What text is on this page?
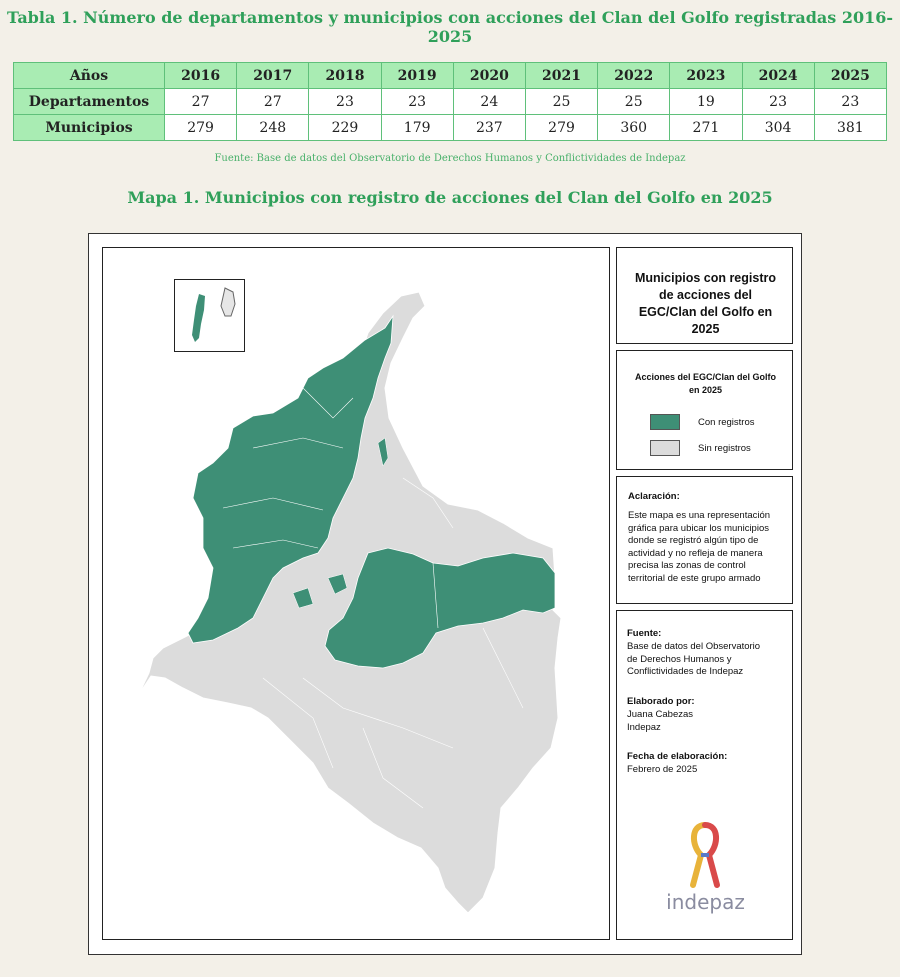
Tabla 1. Número de departamentos y municipios con acciones del Clan del Golfo registradas 2016-2025
Años	2016	2017	2018	2019	2020	2021	2022	2023	2024	2025
Departamentos	27	27	23	23	24	25	25	19	23	23
Municipios	279	248	229	179	237	279	360	271	304	381
Fuente: Base de datos del Observatorio de Derechos Humanos y Conflictividades de Indepaz
Mapa 1. Municipios con registro de acciones del Clan del Golfo en 2025
Municipios con registro
de acciones del
EGC/Clan del Golfo en
2025
Acciones del EGC/Clan del Golfo
en 2025
Con registros
Sin registros
Aclaración:
Este mapa es una representación
gráfica para ubicar los municipios
donde se registró algún tipo de
actividad y no refleja de manera
precisa las zonas de control
territorial de este grupo armado
Fuente:
Base de datos del Observatorio
de Derechos Humanos y
Conflictividades de Indepaz
Elaborado por:
Juana Cabezas
Indepaz
Fecha de elaboración:
Febrero de 2025
indepaz
